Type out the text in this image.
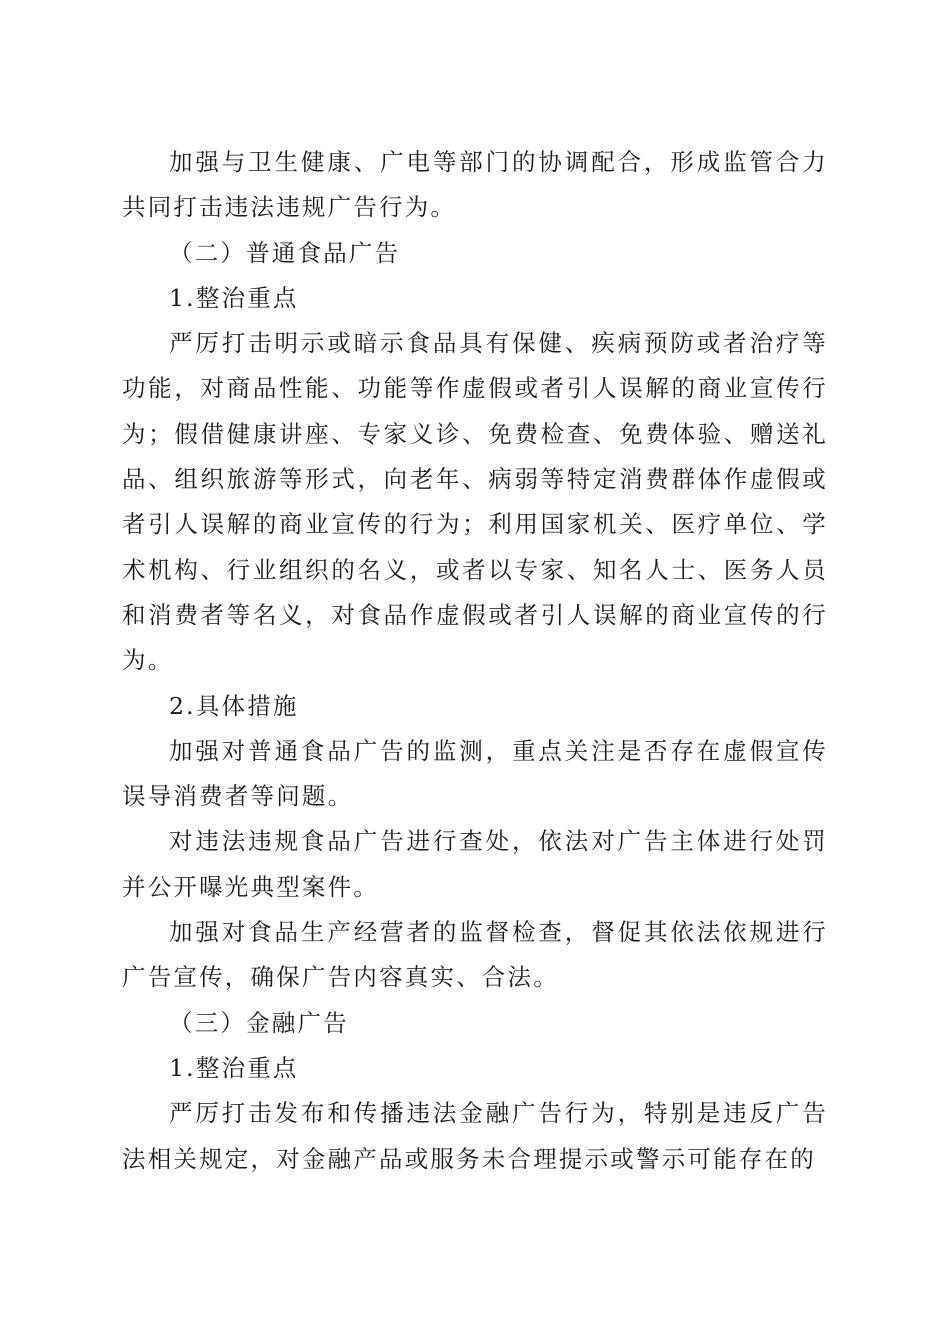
加强与卫生健康、广电等部门的协调配合，形成监管合力共同打击违法违规广告行为。

（二）普通食品广告

1.整治重点

严厉打击明示或暗示食品具有保健、疾病预防或者治疗等功能，对商品性能、功能等作虚假或者引人误解的商业宣传行为；假借健康讲座、专家义诊、免费检查、免费体验、赠送礼品、组织旅游等形式，向老年、病弱等特定消费群体作虚假或者引人误解的商业宣传的行为；利用国家机关、医疗单位、学术机构、行业组织的名义，或者以专家、知名人士、医务人员和消费者等名义，对食品作虚假或者引人误解的商业宣传的行为。

2.具体措施

加强对普通食品广告的监测，重点关注是否存在虚假宣传误导消费者等问题。

对违法违规食品广告进行查处，依法对广告主体进行处罚并公开曝光典型案件。

加强对食品生产经营者的监督检查，督促其依法依规进行广告宣传，确保广告内容真实、合法。

（三）金融广告

1.整治重点

严厉打击发布和传播违法金融广告行为，特别是违反广告法相关规定，对金融产品或服务未合理提示或警示可能存在的
